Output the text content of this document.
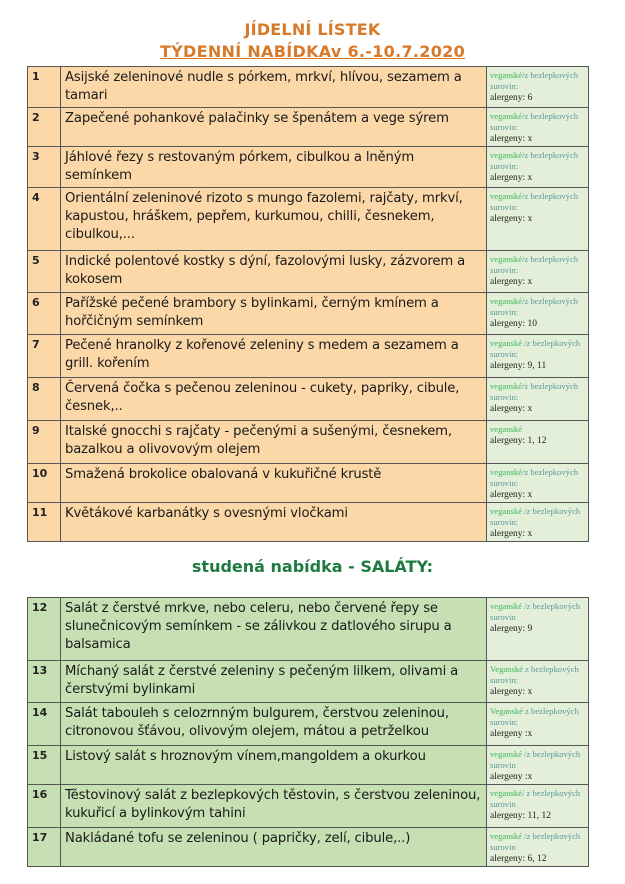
JÍDELNÍ LÍSTEK
TÝDENNÍ NABÍDKAv 6.-10.7.2020
1	Asijské zeleninové nudle s pórkem, mrkví, hlívou, sezamem a tamari	veganské/z bezlepkových surovin:
alergeny: 6
2	Zapečené pohankové palačinky se špenátem a vege sýrem	veganské/z bezlepkových surovin:
alergeny: x
3	Jáhlové řezy s restovaným pórkem, cibulkou a lněným semínkem	veganské/z bezlepkových surovin:
alergeny: x
4	Orientální zeleninové rizoto s mungo fazolemi, rajčaty, mrkví, kapustou, hráškem, pepřem, kurkumou, chilli, česnekem, cibulkou,...	veganské/z bezlepkových surovin:
alergeny: x
5	Indické polentové kostky s dýní, fazolovými lusky, zázvorem a kokosem	veganské/z bezlepkových surovin:
alergeny: x
6	Pařížské pečené brambory s bylinkami, černým kmínem a hořčičným semínkem	veganské/z bezlepkových surovin:
alergeny: 10
7	Pečené hranolky z kořenové zeleniny s medem a sezamem a grill. kořením	veganské /z bezlepkových surovin:
alergeny: 9, 11
8	Červená čočka s pečenou zeleninou - cukety, papriky, cibule, česnek,..	veganské/z bezlepkových surovin:
alergeny: x
9	Italské gnocchi s rajčaty - pečenými a sušenými, česnekem, bazalkou a olivovovým olejem	veganské
alergeny: 1, 12
10	Smažená brokolice obalovaná v kukuřičné krustě	veganské/z bezlepkových surovin:
alergeny: x
11	Květákové karbanátky s ovesnými vločkami	veganské /z bezlepkových surovin:
alergeny: x
studená nabídka - SALÁTY:
12	Salát z čerstvé mrkve, nebo celeru, nebo červené řepy se slunečnicovým semínkem - se zálivkou z datlového sirupu a balsamica	veganské /z bezlepkových surovin
alergeny: 9
13	Míchaný salát z čerstvé zeleniny s pečeným lilkem, olivami a čerstvými bylinkami	Veganské z bezlepkových surovin:
alergeny: x
14	Salát tabouleh s celozrnným bulgurem, čerstvou zeleninou, citronovou šťávou, olivovým olejem, mátou a petrželkou	Veganské z bezlepkových surovin:
alergeny :x
15	Listový salát s hroznovým vínem,mangoldem a okurkou	veganské /z bezlepkových surovin
alergeny :x
16	Těstovinový salát z bezlepkových těstovin, s čerstvou zeleninou, kukuřicí a bylinkovým tahini	veganské/ z bezlepkových surovin
alergeny: 11, 12
17	Nakládané tofu se zeleninou ( papričky, zelí, cibule,..)	veganské /z bezlepkových surovin
alergeny: 6, 12
